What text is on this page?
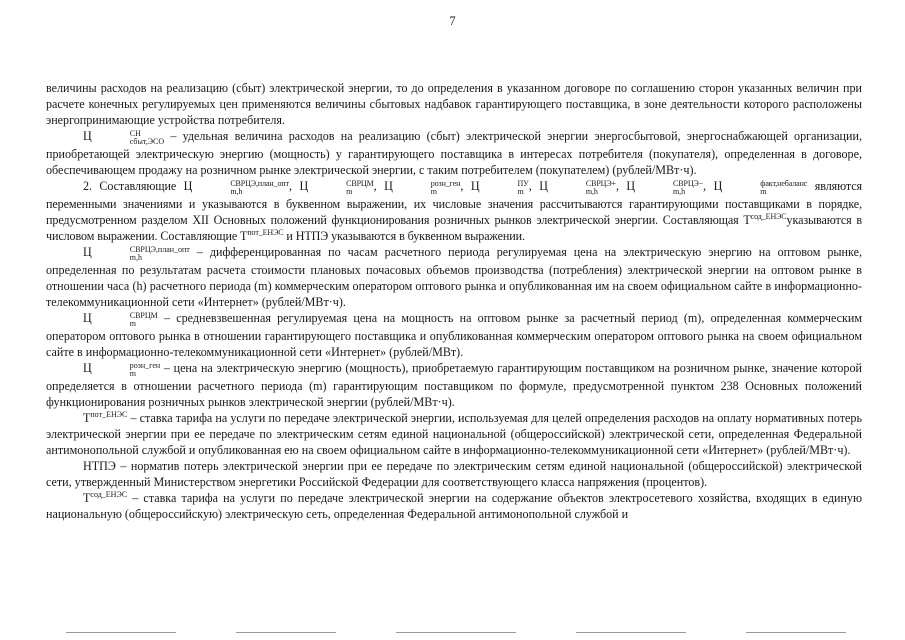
7

величины расходов на реализацию (сбыт) электрической энергии, то до определения в указанном договоре по соглашению сторон указанных величин при расчете конечных регулируемых цен применяются величины сбытовых надбавок гарантирующего поставщика, в зоне деятельности которого расположены энергопринимающие устройства потребителя.

Ц	СН
сбыт,ЭСО – удельная величина расходов на реализацию (сбыт) электрической энергии энергосбытовой, энергоснабжающей организации, приобретающей электрическую энергию (мощность) у гарантирующего поставщика в интересах потребителя (покупателя), определенная в договоре, обеспечивающем продажу на розничном рынке электрической энергии, с таким потребителем (покупателем) (рублей/МВт·ч).

2. Составляющие Ц	СВРЦЭ,план_опт
m,h	, Ц	СВРЦМ
m	, Ц	розн_ген
m	, Ц	ПУ
m , Ц	СВРЦЭ+
m,h	, Ц	СВРЦЭ−
m,h	, Ц	факт,небаланс
m	являются переменными значениями и указываются в буквенном выражении, их числовые значения рассчитываются гарантирующими поставщиками в порядке, предусмотренном разделом XII Основных положений функционирования розничных рынков электрической энергии. Составляющая $Т^{сод\_ЕНЭС}указываются$ в числовом выражении. Составляющие $Т^{пот\_ЕНЭС}$ и НТПЭ указываются в буквенном выражении.

Ц	СВРЦЭ,план_опт
m,h	– дифференцированная по часам расчетного периода регулируемая цена на электрическую энергию на оптовом рынке, определенная по результатам расчета стоимости плановых почасовых объемов производства (потребления) электрической энергии на оптовом рынке в отношении часа (h) расчетного периода (m) коммерческим оператором оптового рынка и опубликованная им на своем официальном сайте в информационно-телекоммуникационной сети «Интернет» (рублей/МВт·ч).

Ц	СВРЦМ
m	– средневзвешенная регулируемая цена на мощность на оптовом рынке за расчетный период (m), определенная коммерческим оператором оптового рынка в отношении гарантирующего поставщика и опубликованная коммерческим оператором оптового рынка на своем официальном сайте в информационно-телекоммуникационной сети «Интернет» (рублей/МВт).

Ц	розн_ген
m	– цена на электрическую энергию (мощность), приобретаемую гарантирующим поставщиком на розничном рынке, значение которой определяется в отношении расчетного периода (m) гарантирующим поставщиком по формуле, предусмотренной пунктом 238 Основных положений функционирования розничных рынков электрической энергии (рублей/МВт·ч).

$Т^{пот\_ЕНЭС}$ – ставка тарифа на услуги по передаче электрической энергии, используемая для целей определения расходов на оплату нормативных потерь электрической энергии при ее передаче по электрическим сетям единой национальной (общероссийской) электрической сети, определенная Федеральной антимонопольной службой и опубликованная ею на своем официальном сайте в информационно-телекоммуникационной сети «Интернет» (рублей/МВт·ч).

НТПЭ – норматив потерь электрической энергии при ее передаче по электрическим сетям единой национальной (общероссийской) электрической сети, утвержденный Министерством энергетики Российской Федерации для соответствующего класса напряжения (процентов).

$Т^{сод\_ЕНЭС}$ – ставка тарифа на услуги по передаче электрической энергии на содержание объектов электросетевого хозяйства, входящих в единую национальную (общероссийскую) электрическую сеть, определенная Федеральной антимонопольной службой и
